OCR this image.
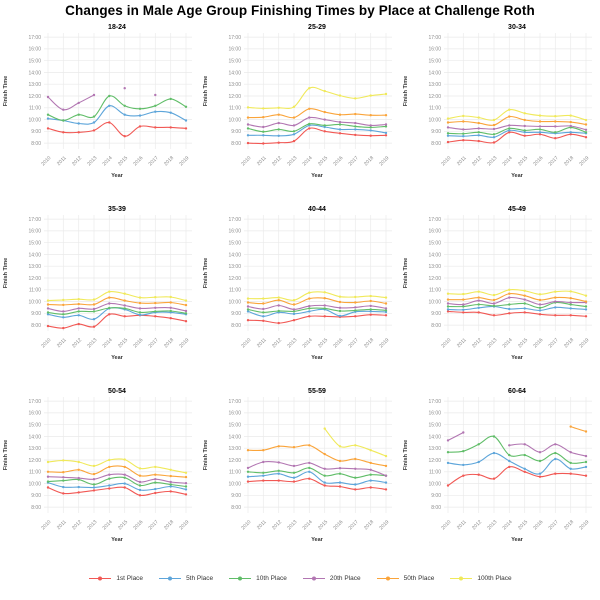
Changes in Male Age Group Finishing Times by Place at Challenge Roth
18-24
8:00
9:00
10:00
11:00
12:00
13:00
14:00
15:00
16:00
17:00
2010 2011 2012 2013 2014 2015 2016 2017 2018 2019
Finish Time
Year
25-29
8:00
9:00
10:00
11:00
12:00
13:00
14:00
15:00
16:00
17:00
2010 2011 2012 2013 2014 2015 2016 2017 2018 2019
Finish Time
Year
30-34
8:00
9:00
10:00
11:00
12:00
13:00
14:00
15:00
16:00
17:00
2010 2011 2012 2013 2014 2015 2016 2017 2018 2019
Finish Time
Year
35-39
8:00
9:00
10:00
11:00
12:00
13:00
14:00
15:00
16:00
17:00
2010 2011 2012 2013 2014 2015 2016 2017 2018 2019
Finish Time
Year
40-44
8:00
9:00
10:00
11:00
12:00
13:00
14:00
15:00
16:00
17:00
2010 2011 2012 2013 2014 2015 2016 2017 2018 2019
Finish Time
Year
45-49
8:00
9:00
10:00
11:00
12:00
13:00
14:00
15:00
16:00
17:00
2010 2011 2012 2013 2014 2015 2016 2017 2018 2019
Finish Time
Year
50-54
8:00
9:00
10:00
11:00
12:00
13:00
14:00
15:00
16:00
17:00
2010 2011 2012 2013 2014 2015 2016 2017 2018 2019
Finish Time
Year
55-59
8:00
9:00
10:00
11:00
12:00
13:00
14:00
15:00
16:00
17:00
2010 2011 2012 2013 2014 2015 2016 2017 2018 2019
Finish Time
Year
60-64
8:00
9:00
10:00
11:00
12:00
13:00
14:00
15:00
16:00
17:00
2010 2011 2012 2013 2014 2015 2016 2017 2018 2019
Finish Time
Year
1st Place	5th Place	10th Place	20th Place	50th Place	100th Place
